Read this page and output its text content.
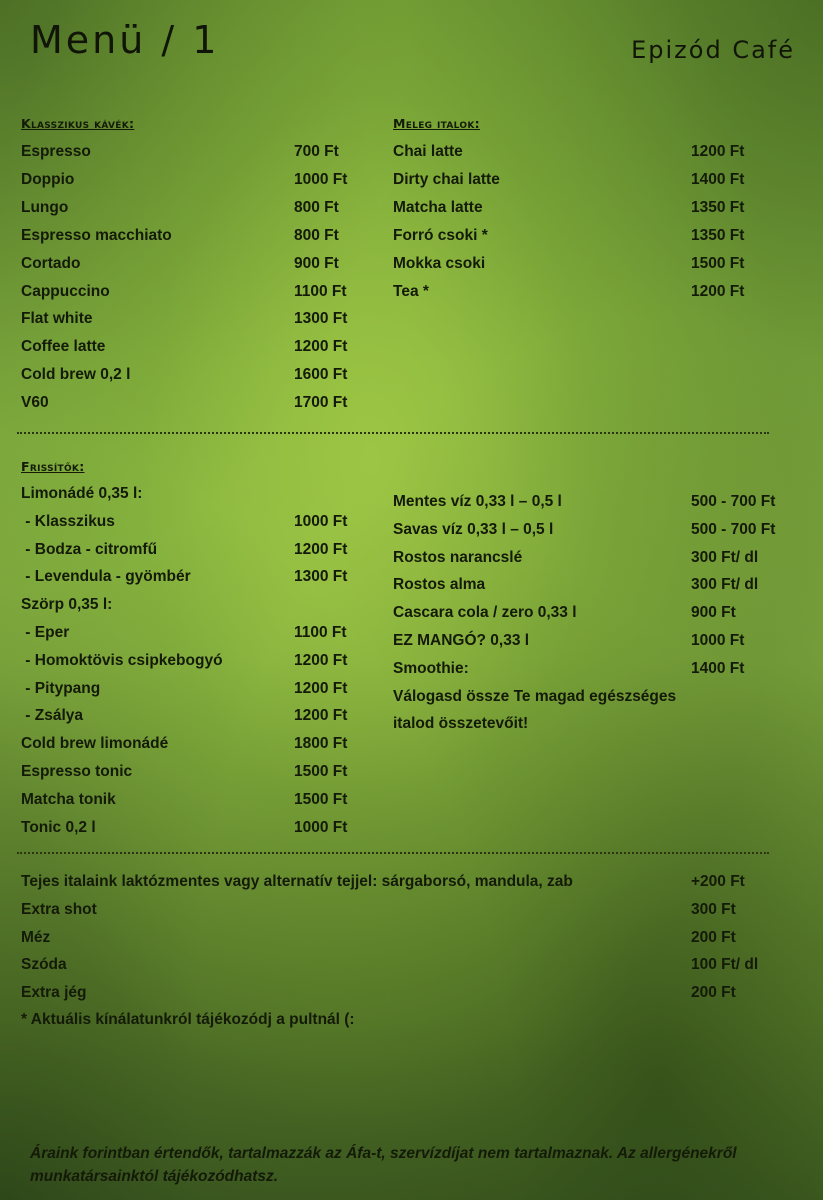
Menü / 1	Epizód Café
Klasszikus kávék:
Espresso	700 Ft
Doppio	1000 Ft
Lungo	800 Ft
Espresso macchiato	800 Ft
Cortado	900 Ft
Cappuccino	1100 Ft
Flat white	1300 Ft
Coffee latte	1200 Ft
Cold brew 0,2 l	1600 Ft
V60	1700 Ft
Meleg italok:
Chai latte	1200 Ft
Dirty chai latte	1400 Ft
Matcha latte	1350 Ft
Forró csoki *	1350 Ft
Mokka csoki	1500 Ft
Tea *	1200 Ft
Frissítők:
Limonádé 0,35 l:
- Klasszikus	1000 Ft
- Bodza - citromfű	1200 Ft
- Levendula - gyömbér	1300 Ft
Szörp 0,35 l:
- Eper	1100 Ft
- Homoktövis csipkebogyó	1200 Ft
- Pitypang	1200 Ft
- Zsálya	1200 Ft
Cold brew limonádé	1800 Ft
Espresso tonic	1500 Ft
Matcha tonik	1500 Ft
Tonic 0,2 l	1000 Ft
Mentes víz 0,33 l – 0,5 l	500 - 700 Ft
Savas víz 0,33 l – 0,5 l	500 - 700 Ft
Rostos narancslé	300 Ft/ dl
Rostos alma	300 Ft/ dl
Cascara cola / zero 0,33 l	900 Ft
EZ MANGÓ? 0,33 l	1000 Ft
Smoothie:	1400 Ft
Válogasd össze Te magad egészséges
italod összetevőit!
Tejes italaink laktózmentes vagy alternatív tejjel: sárgaborsó, mandula, zab	+200 Ft
Extra shot	300 Ft
Méz	200 Ft
Szóda	100 Ft/ dl
Extra jég	200 Ft
* Aktuális kínálatunkról tájékozódj a pultnál (:
Áraink forintban értendők, tartalmazzák az Áfa-t, szervízdíjat nem tartalmaznak. Az allergénekről
munkatársainktól tájékozódhatsz.
